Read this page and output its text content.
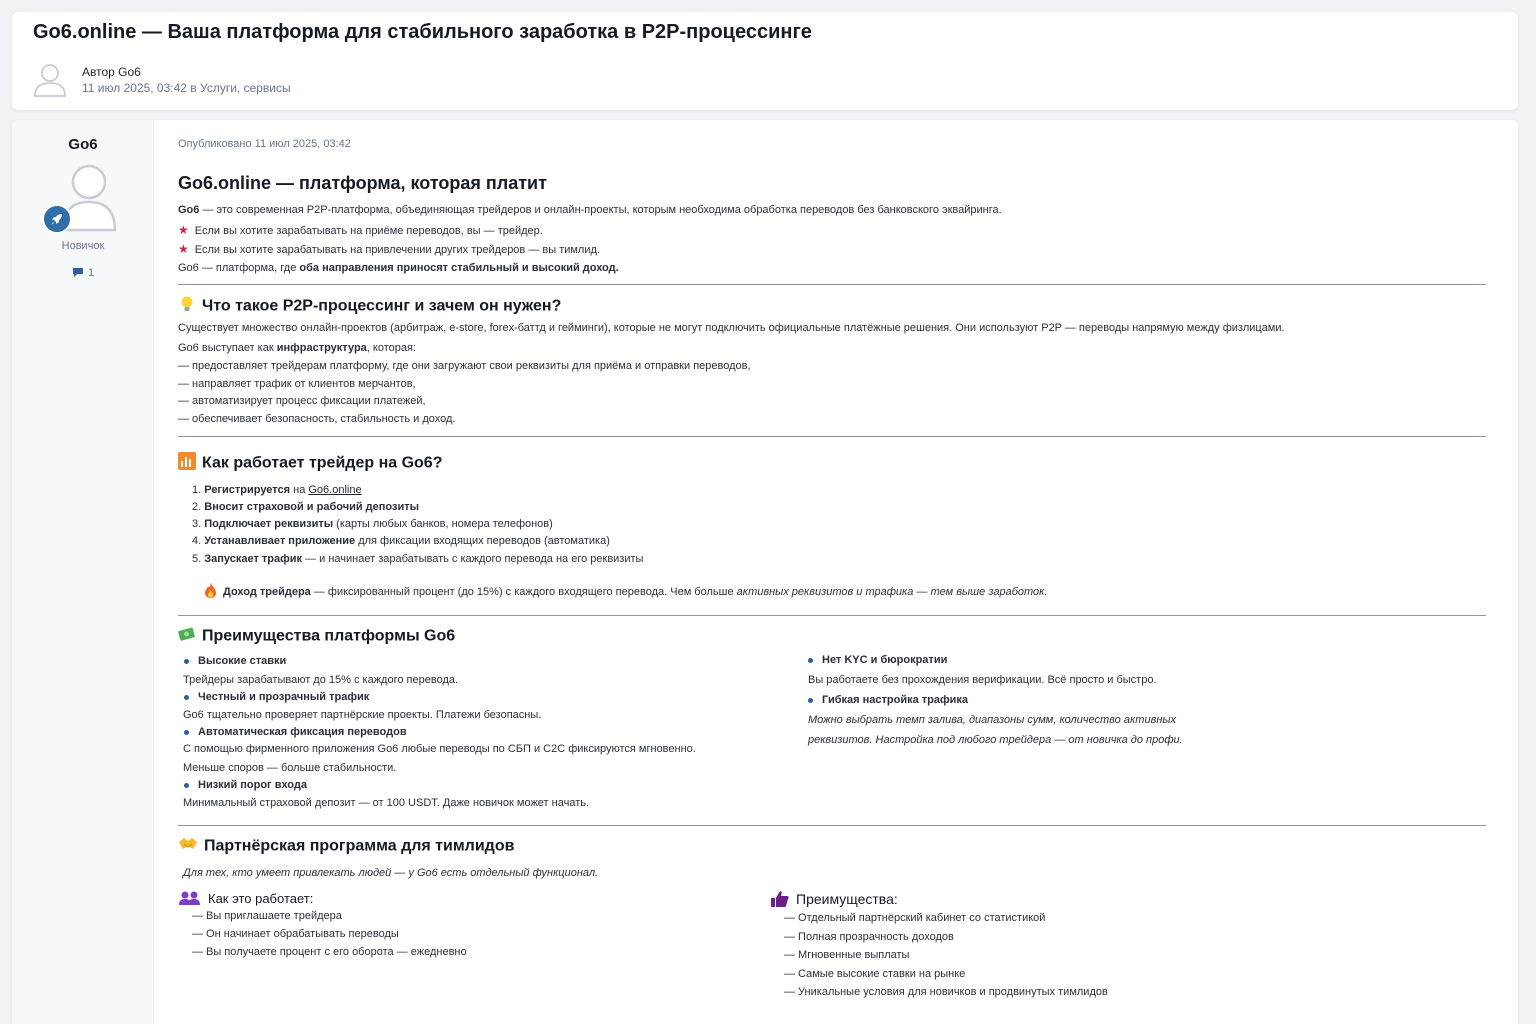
Go6.online — Ваша платформа для стабильного заработка в P2P-процессинге
Автор Go6
11 июл 2025, 03:42 в Услуги, сервисы
Go6
Новичок
1
Опубликовано 11 июл 2025, 03:42
Go6.online — платформа, которая платит
Go6 — это современная P2P-платформа, объединяющая трейдеров и онлайн-проекты, которым необходима обработка переводов без банковского эквайринга.
★ Если вы хотите зарабатывать на приёме переводов, вы — трейдер.
★ Если вы хотите зарабатывать на привлечении других трейдеров — вы тимлид.
Go6 — платформа, где оба направления приносят стабильный и высокий доход.
Что такое P2P-процессинг и зачем он нужен?
Существует множество онлайн-проектов (арбитраж, e-store, forex-баттд и гейминги), которые не могут подключить официальные платёжные решения. Они используют P2P — переводы напрямую между физлицами.
Go6 выступает как инфраструктура, которая:
— предоставляет трейдерам платформу, где они загружают свои реквизиты для приёма и отправки переводов,
— направляет трафик от клиентов мерчантов,
— автоматизирует процесс фиксации платежей,
— обеспечивает безопасность, стабильность и доход.
Как работает трейдер на Go6?
1. Регистрируется на Go6.online
2. Вносит страховой и рабочий депозиты
3. Подключает реквизиты (карты любых банков, номера телефонов)
4. Устанавливает приложение для фиксации входящих переводов (автоматика)
5. Запускает трафик — и начинает зарабатывать с каждого перевода на его реквизиты
Доход трейдера — фиксированный процент (до 15%) с каждого входящего перевода. Чем больше активных реквизитов и трафика — тем выше заработок.
Преимущества платформы Go6
Высокие ставки
Трейдеры зарабатывают до 15% с каждого перевода.
Честный и прозрачный трафик
Go6 тщательно проверяет партнёрские проекты. Платежи безопасны.
Автоматическая фиксация переводов
С помощью фирменного приложения Go6 любые переводы по СБП и C2C фиксируются мгновенно.
Меньше споров — больше стабильности.
Низкий порог входа
Минимальный страховой депозит — от 100 USDT. Даже новичок может начать.
Нет KYC и бюрократии
Вы работаете без прохождения верификации. Всё просто и быстро.
Гибкая настройка трафика
Можно выбрать темп залива, диапазоны сумм, количество активных
реквизитов. Настройка под любого трейдера — от новичка до профи.
Партнёрская программа для тимлидов
Для тех, кто умеет привлекать людей — у Go6 есть отдельный функционал.
Как это работает:
— Вы приглашаете трейдера
— Он начинает обрабатывать переводы
— Вы получаете процент с его оборота — ежедневно
Преимущества:
— Отдельный партнёрский кабинет со статистикой
— Полная прозрачность доходов
— Мгновенные выплаты
— Самые высокие ставки на рынке
— Уникальные условия для новичков и продвинутых тимлидов
